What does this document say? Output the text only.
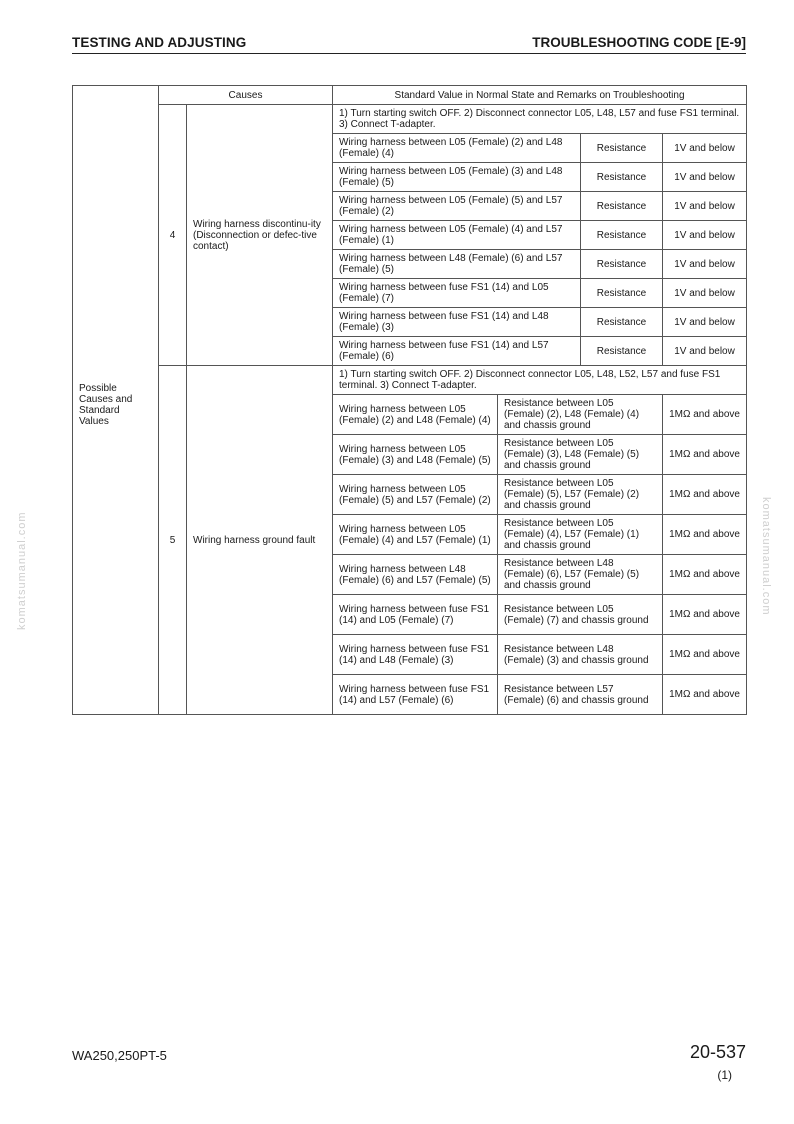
TESTING AND ADJUSTING	TROUBLESHOOTING CODE [E-9]
komatsumanual.com	komatsumanual.com
Possible Causes and Standard Values	Causes		Standard Value in Normal State and Remarks on Troubleshooting			
	4	Wiring harness discontinu-ity (Disconnection or defec-tive contact)	1) Turn starting switch OFF. 2) Disconnect connector L05, L48, L57 and fuse FS1 terminal. 3) Connect T-adapter.			
			Wiring harness between L05 (Female) (2) and L48 (Female) (4)		Resistance	1V and below
			Wiring harness between L05 (Female) (3) and L48 (Female) (5)		Resistance	1V and below
			Wiring harness between L05 (Female) (5) and L57 (Female) (2)		Resistance	1V and below
			Wiring harness between L05 (Female) (4) and L57 (Female) (1)		Resistance	1V and below
			Wiring harness between L48 (Female) (6) and L57 (Female) (5)		Resistance	1V and below
			Wiring harness between fuse FS1 (14) and L05 (Female) (7)		Resistance	1V and below
			Wiring harness between fuse FS1 (14) and L48 (Female) (3)		Resistance	1V and below
			Wiring harness between fuse FS1 (14) and L57 (Female) (6)		Resistance	1V and below
	5	Wiring harness ground fault	1) Turn starting switch OFF. 2) Disconnect connector L05, L48, L52, L57 and fuse FS1 terminal. 3) Connect T-adapter.			
			Wiring harness between L05 (Female) (2) and L48 (Female) (4)	Resistance between L05 (Female) (2), L48 (Female) (4) and chassis ground		1MΩ and above
			Wiring harness between L05 (Female) (3) and L48 (Female) (5)	Resistance between L05 (Female) (3), L48 (Female) (5) and chassis ground		1MΩ and above
			Wiring harness between L05 (Female) (5) and L57 (Female) (2)	Resistance between L05 (Female) (5), L57 (Female) (2) and chassis ground		1MΩ and above
			Wiring harness between L05 (Female) (4) and L57 (Female) (1)	Resistance between L05 (Female) (4), L57 (Female) (1) and chassis ground		1MΩ and above
			Wiring harness between L48 (Female) (6) and L57 (Female) (5)	Resistance between L48 (Female) (6), L57 (Female) (5) and chassis ground		1MΩ and above
			Wiring harness between fuse FS1 (14) and L05 (Female) (7)	Resistance between L05 (Female) (7) and chassis ground		1MΩ and above
			Wiring harness between fuse FS1 (14) and L48 (Female) (3)	Resistance between L48 (Female) (3) and chassis ground		1MΩ and above
			Wiring harness between fuse FS1 (14) and L57 (Female) (6)	Resistance between L57 (Female) (6) and chassis ground		1MΩ and above
WA250,250PT-5	20-537
(1)
